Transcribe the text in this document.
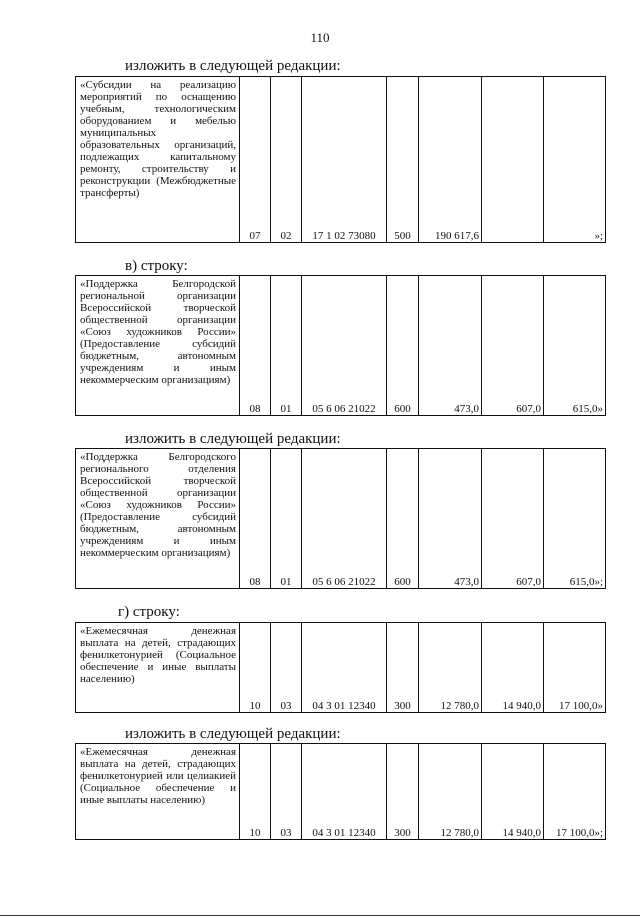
110
изложить в следующей редакции:
«Субсидии на реализацию мероприятий по оснащению учебным, технологическим оборудованием и мебелью муниципальных образовательных организаций, подлежащих капитальному ремонту, строительству и реконструкции (Межбюджетные трансферты)	07	02	17 1 02 73080	500	190 617,6		»;
в) строку:
«Поддержка Белгородской региональной организации Всероссийской творческой общественной организации «Союз художников России» (Предоставление субсидий бюджетным, автономным учреждениям и иным некоммерческим организациям)	08	01	05 6 06 21022	600	473,0	607,0	615,0»
изложить в следующей редакции:
«Поддержка Белгородского регионального отделения Всероссийской творческой общественной организации «Союз художников России» (Предоставление субсидий бюджетным, автономным учреждениям и иным некоммерческим организациям)	08	01	05 6 06 21022	600	473,0	607,0	615,0»;
г) строку:
«Ежемесячная денежная выплата на детей, страдающих фенилкетонурией (Социальное обеспечение и иные выплаты населению)	10	03	04 3 01 12340	300	12 780,0	14 940,0	17 100,0»
изложить в следующей редакции:
«Ежемесячная денежная выплата на детей, страдающих фенилкетонурией или целиакией (Социальное обеспечение и иные выплаты населению)	10	03	04 3 01 12340	300	12 780,0	14 940,0	17 100,0»;
